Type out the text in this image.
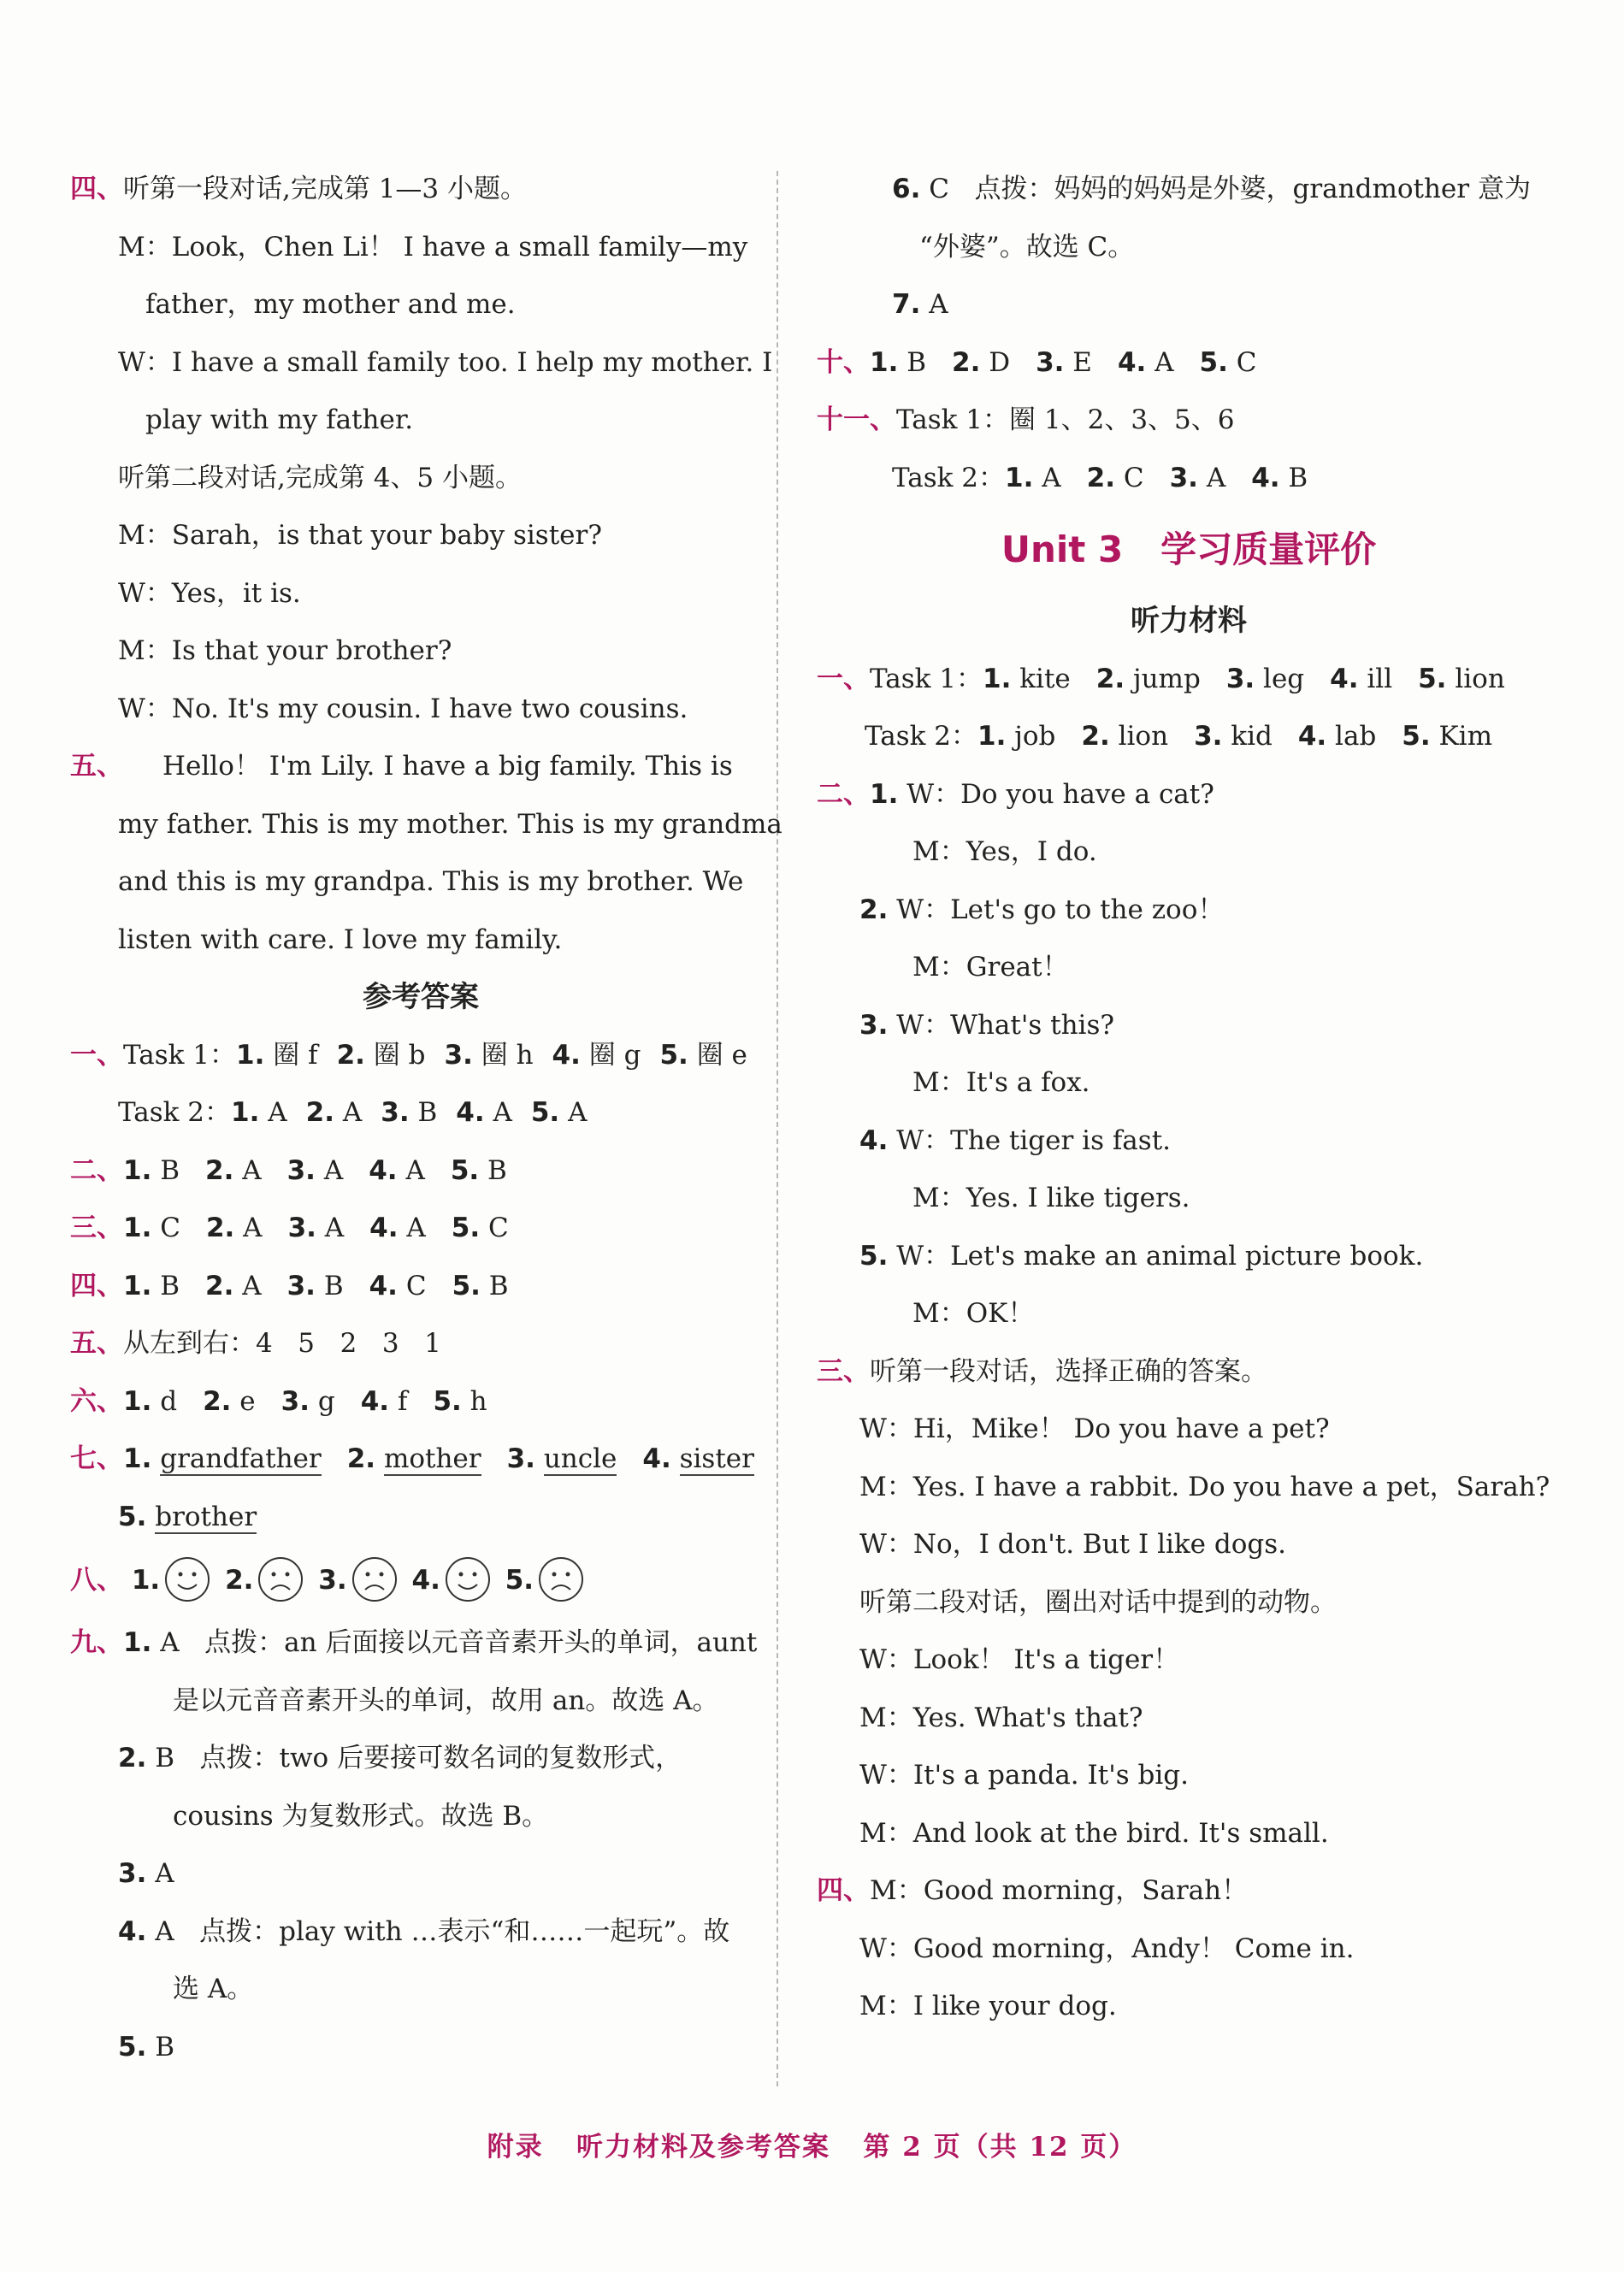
四、听第一段对话,完成第 1—3 小题。
M：Look，Chen Li！ I have a small family—my
father，my mother and me.
W：I have a small family too. I help my mother. I
play with my father.
听第二段对话,完成第 4、5 小题。
M：Sarah，is that your baby sister?
W：Yes，it is.
M：Is that your brother?
W：No. It's my cousin. I have two cousins.
五、 Hello！ I'm Lily. I have a big family. This is
my father. This is my mother. This is my grandma
and this is my grandpa. This is my brother. We
listen with care. I love my family.
参考答案
一、Task 1：1. 圈 f 2. 圈 b 3. 圈 h 4. 圈 g 5. 圈 e
Task 2：1. A 2. A 3. B 4. A 5. A
二、1. B 2. A 3. A 4. A 5. B
三、1. C 2. A 3. A 4. A 5. C
四、1. B 2. A 3. B 4. C 5. B
五、从左到右：4   5   2   3   1
六、1. d 2. e 3. g 4. f 5. h
七、1. grandfather 2. mother 3. uncle 4. sister
5. brother
八、 1. 2. 3. 4. 5.
九、1. A   点拨：an 后面接以元音音素开头的单词，aunt
是以元音音素开头的单词，故用 an。故选 A。
2. B   点拨：two 后要接可数名词的复数形式，
cousins 为复数形式。故选 B。
3. A
4. A   点拨：play with …表示“和……一起玩”。故
选 A。
5. B
6. C   点拨：妈妈的妈妈是外婆，grandmother 意为
“外婆”。故选 C。
7. A
十、1. B 2. D 3. E 4. A 5. C
十一、Task 1：圈 1、2、3、5、6
Task 2：1. A 2. C 3. A 4. B
Unit 3   学习质量评价
听力材料
一、Task 1：1. kite 2. jump 3. leg 4. ill 5. lion
Task 2：1. job 2. lion 3. kid 4. lab 5. Kim
二、1. W：Do you have a cat?
M：Yes，I do.
2. W：Let's go to the zoo！
M：Great！
3. W：What's this?
M：It's a fox.
4. W：The tiger is fast.
M：Yes. I like tigers.
5. W：Let's make an animal picture book.
M：OK！
三、听第一段对话，选择正确的答案。
W：Hi，Mike！ Do you have a pet?
M：Yes. I have a rabbit. Do you have a pet，Sarah?
W：No，I don't. But I like dogs.
听第二段对话，圈出对话中提到的动物。
W：Look！ It's a tiger！
M：Yes. What's that?
W：It's a panda. It's big.
M：And look at the bird. It's small.
四、M：Good morning，Sarah！
W：Good morning，Andy！ Come in.
M：I like your dog.
附录   听力材料及参考答案   第 2 页（共 12 页）
